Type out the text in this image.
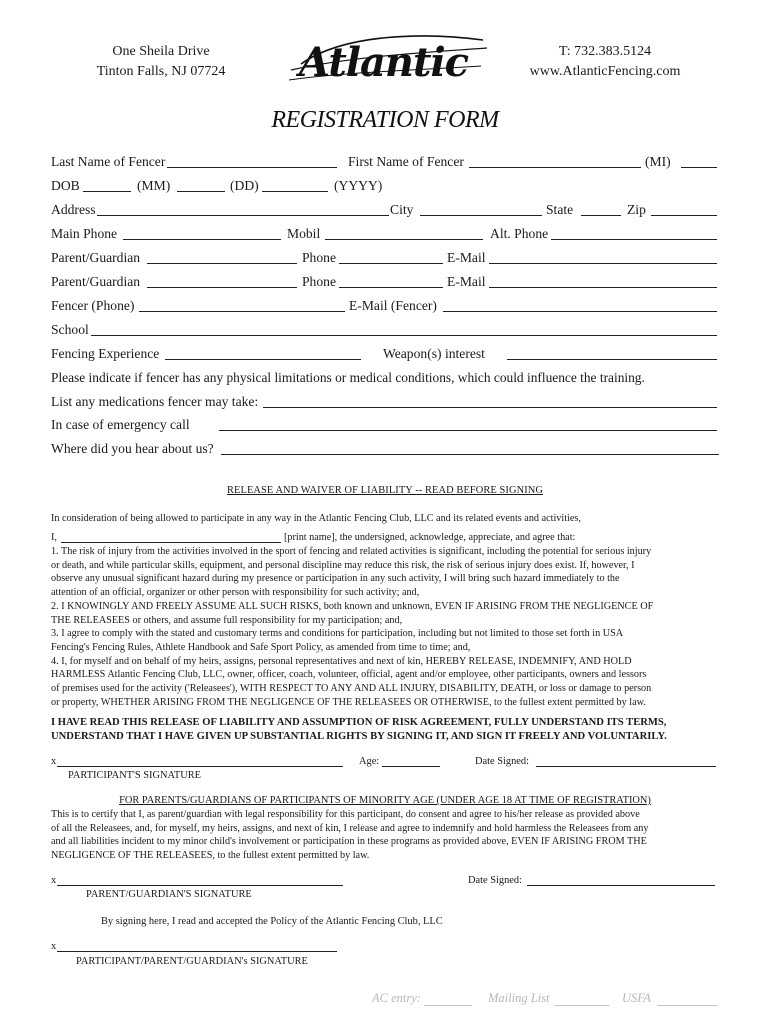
One Sheila Drive
Tinton Falls, NJ 07724	Atlantic	T: 732.383.5124
www.AtlanticFencing.com
REGISTRATION FORM
Last Name of Fencer	First Name of Fencer	(MI)
DOB	(MM)	(DD)	(YYYY)
Address	City	State	Zip
Main Phone	Mobil	Alt. Phone
Parent/Guardian	Phone	E-Mail
Parent/Guardian	Phone	E-Mail
Fencer (Phone)	E-Mail (Fencer)
School
Fencing Experience	Weapon(s) interest
Please indicate if fencer has any physical limitations or medical conditions, which could influence the training.
List any medications fencer may take:
In case of emergency call
Where did you hear about us?
RELEASE AND WAIVER OF LIABILITY -- READ BEFORE SIGNING
In consideration of being allowed to participate in any way in the Atlantic Fencing Club, LLC and its related events and activities,
I,	[print name], the undersigned, acknowledge, appreciate, and agree that:
1. The risk of injury from the activities involved in the sport of fencing and related activities is significant, including the potential for serious injury
or death, and while particular skills, equipment, and personal discipline may reduce this risk, the risk of serious injury does exist. If, however, I
observe any unusual significant hazard during my presence or participation in any such activity, I will bring such hazard immediately to the
attention of an official, organizer or other person with responsibility for such activity; and,
2. I KNOWINGLY AND FREELY ASSUME ALL SUCH RISKS, both known and unknown, EVEN IF ARISING FROM THE NEGLIGENCE OF
THE RELEASEES or others, and assume full responsibility for my participation; and,
3. I agree to comply with the stated and customary terms and conditions for participation, including but not limited to those set forth in USA
Fencing's Fencing Rules, Athlete Handbook and Safe Sport Policy, as amended from time to time; and,
4. I, for myself and on behalf of my heirs, assigns, personal representatives and next of kin, HEREBY RELEASE, INDEMNIFY, AND HOLD
HARMLESS Atlantic Fencing Club, LLC, owner, officer, coach, volunteer, official, agent and/or employee, other participants, owners and lessors
of premises used for the activity ('Releasees'), WITH RESPECT TO ANY AND ALL INJURY, DISABILITY, DEATH, or loss or damage to person
or property, WHETHER ARISING FROM THE NEGLIGENCE OF THE RELEASEES OR OTHERWISE, to the fullest extent permitted by law.
I HAVE READ THIS RELEASE OF LIABILITY AND ASSUMPTION OF RISK AGREEMENT, FULLY UNDERSTAND ITS TERMS,
UNDERSTAND THAT I HAVE GIVEN UP SUBSTANTIAL RIGHTS BY SIGNING IT, AND SIGN IT FREELY AND VOLUNTARILY.
x	Age:	Date Signed:
PARTICIPANT'S SIGNATURE
FOR PARENTS/GUARDIANS OF PARTICIPANTS OF MINORITY AGE (UNDER AGE 18 AT TIME OF REGISTRATION)
This is to certify that I, as parent/guardian with legal responsibility for this participant, do consent and agree to his/her release as provided above
of all the Releasees, and, for myself, my heirs, assigns, and next of kin, I release and agree to indemnify and hold harmless the Releasees from any
and all liabilities incident to my minor child's involvement or participation in these programs as provided above, EVEN IF ARISING FROM THE
NEGLIGENCE OF THE RELEASEES, to the fullest extent permitted by law.
x	Date Signed:
PARENT/GUARDIAN'S SIGNATURE
By signing here, I read and accepted the Policy of the Atlantic Fencing Club, LLC
x
PARTICIPANT/PARENT/GUARDIAN's SIGNATURE
AC entry:	Mailing List	USFA
